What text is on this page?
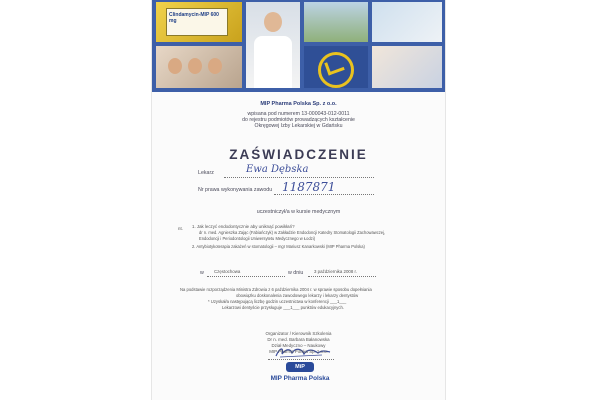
Clindamycin-MIP 600 mg
MIP Pharma Polska Sp. z o.o.
wpisana pod numerem 13-000043-012-0011
do rejestru podmiotów prowadzących kształcenie
Okręgowej Izby Lekarskiej w Gdańsku
ZAŚWIADCZENIE
Lekarz	Ewa Dębska
Nr prawa wykonywania zawodu 1187871
uczestniczył/a w kursie medycznym
nt. 1. Jak leczyć endodontycznie aby uniknąć powikłań?
dr n. med. Agnieszka Zając (Fabiańczyk) w Zakładzie Endodoncji Katedry Stomatologii Zachowawczej,
Endodoncji i Periodontologii Uniwersytetu Medycznego w Łodzi)
2. Antybiotykoterapia zakażeń w stomatologii – mgr Mariusz Kanarkowski (MIP Pharma Polska)
w Częstochowa	w dniu 3 października 2008 r.
Na podstawie rozporządzenia Ministra Zdrowia z 6 października 2004 r. w sprawie sposobu dopełniania
obowiązku doskonalenia zawodowego lekarzy i lekarzy dentystów
* Uzyskał/a następującą liczbę godzin uczestnictwa w konferencji ___1___
Lekarzowi dentyście przysługuje ___1___ punktów edukacyjnych.
Organizator / Kierownik Szkolenia
Dr n. med. Barbara Bałanowska
Dział Medyczno – Naukowy
MIP Pharma Polska Sp. z o.o.
MiP
MIP Pharma Polska
